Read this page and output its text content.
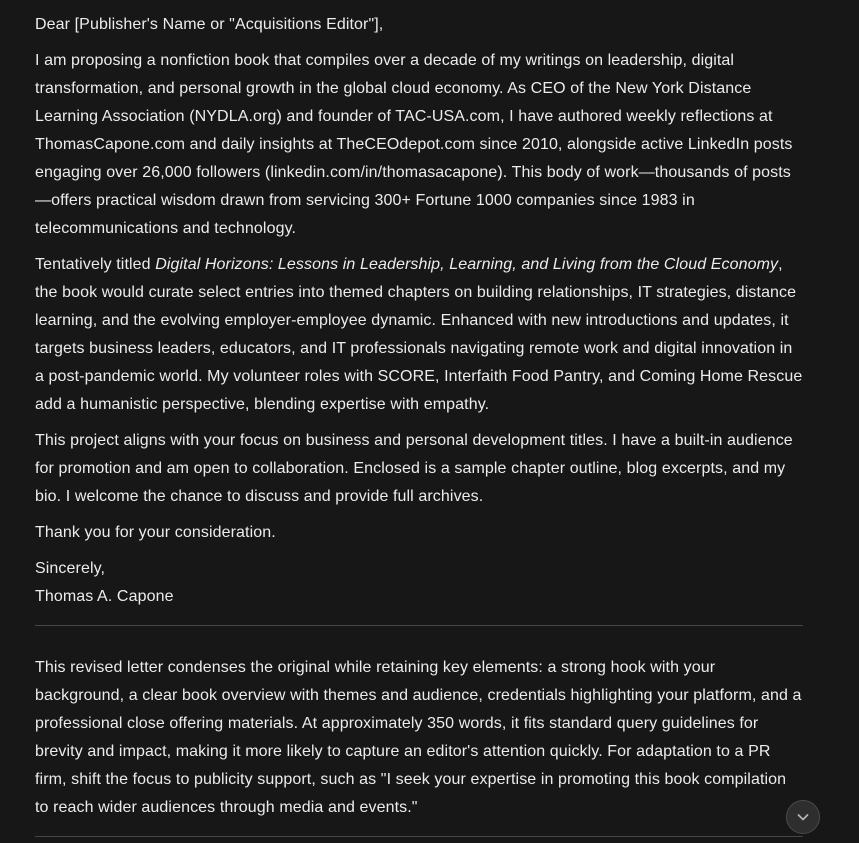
Dear [Publisher's Name or "Acquisitions Editor"],

I am proposing a nonfiction book that compiles over a decade of my writings on leadership, digital transformation, and personal growth in the global cloud economy. As CEO of the New York Distance Learning Association (NYDLA.org) and founder of TAC-USA.com, I have authored weekly reflections at ThomasCapone.com and daily insights at TheCEOdepot.com since 2010, alongside active LinkedIn posts engaging over 26,000 followers (linkedin.com/in/thomasacapone). This body of work—thousands of posts—offers practical wisdom drawn from servicing 300+ Fortune 1000 companies since 1983 in telecommunications and technology.

Tentatively titled Digital Horizons: Lessons in Leadership, Learning, and Living from the Cloud Economy, the book would curate select entries into themed chapters on building relationships, IT strategies, distance learning, and the evolving employer-employee dynamic. Enhanced with new introductions and updates, it targets business leaders, educators, and IT professionals navigating remote work and digital innovation in a post-pandemic world. My volunteer roles with SCORE, Interfaith Food Pantry, and Coming Home Rescue add a humanistic perspective, blending expertise with empathy.

This project aligns with your focus on business and personal development titles. I have a built-in audience for promotion and am open to collaboration. Enclosed is a sample chapter outline, blog excerpts, and my bio. I welcome the chance to discuss and provide full archives.

Thank you for your consideration.

Sincerely,
Thomas A. Capone

This revised letter condenses the original while retaining key elements: a strong hook with your background, a clear book overview with themes and audience, credentials highlighting your platform, and a professional close offering materials. At approximately 350 words, it fits standard query guidelines for brevity and impact, making it more likely to capture an editor's attention quickly. For adaptation to a PR firm, shift the focus to publicity support, such as "I seek your expertise in promoting this book compilation to reach wider audiences through media and events."
